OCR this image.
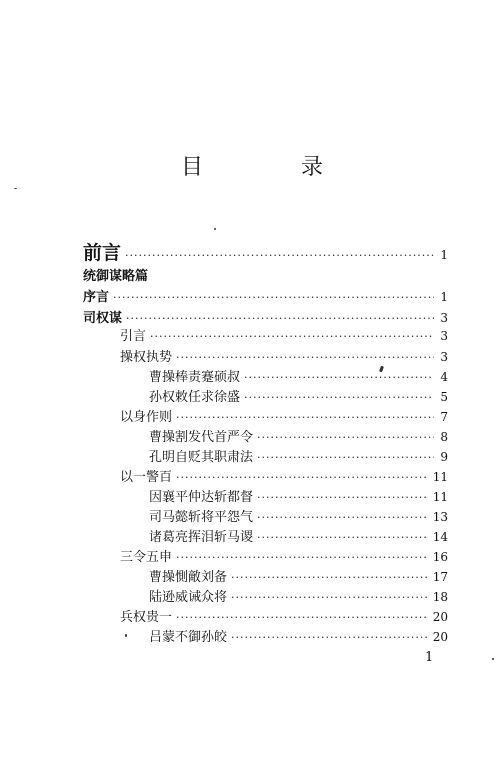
目　录
前言 ·····	1
统御谋略篇
序言 ·····	1
司权谋 ·····	3
引言 ·····	3
操权执势 ·····	3
曹操棒责蹇硕叔 ·····	4
孙权敕任求徐盛 ·····	5
以身作则 ·····	7
曹操割发代首严令 ·····	8
孔明自贬其职肃法 ·····	9
以一警百 ·····	11
因襄平仲达斩都督 ·····	11
司马懿斩将平怨气 ·····	13
诸葛亮挥泪斩马谡 ·····	14
三令五申 ·····	16
曹操惻敵刘备 ·····	17
陆逊威诫众将 ·····	18
兵权贵一 ·····	20
吕蒙不御孙皎 ·····	20
1
